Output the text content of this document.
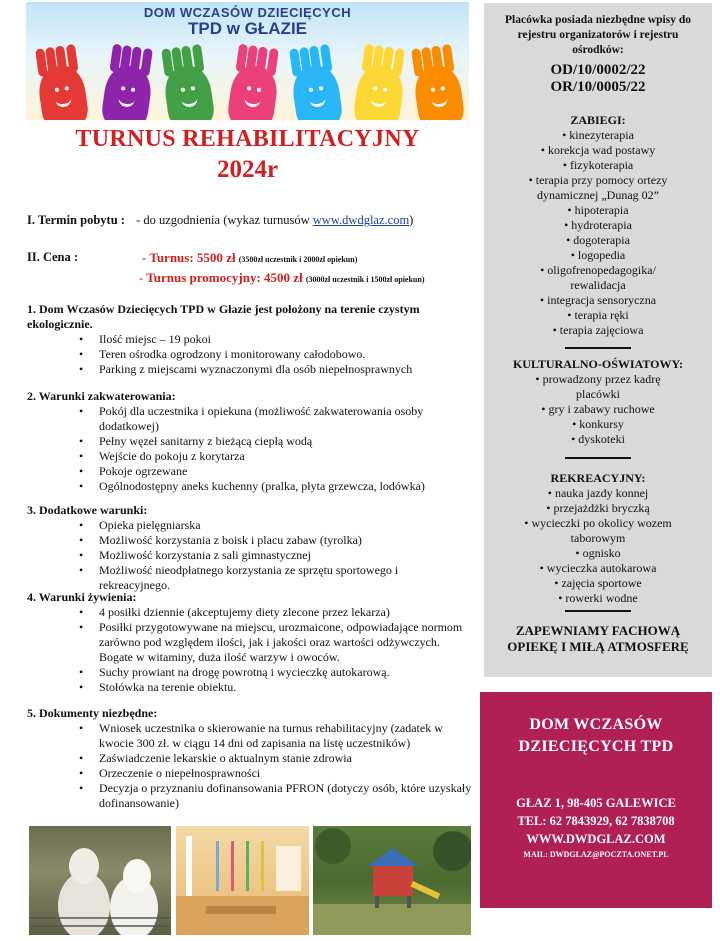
DOM WCZASÓW DZIECIĘCYCH
TPD w GŁAZIE
TURNUS REHABILITACYJNY
2024r
I. Termin pobytu : - do uzgodnienia (wykaz turnusów www.dwdglaz.com)
II. Cena :	- Turnus: 5500 zł (3500zł uczestnik i 2000zł opiekun)
- Turnus promocyjny: 4500 zł (3000zł uczestnik i 1500zł opiekun)
1. Dom Wczasów Dziecięcych TPD w Głazie jest położony na terenie czystym ekologicznie.
• Ilość miejsc – 19 pokoi
• Teren ośrodka ogrodzony i monitorowany całodobowo.
• Parking z miejscami wyznaczonymi dla osób niepełnosprawnych
2. Warunki zakwaterowania:
• Pokój dla uczestnika i opiekuna (możliwość zakwaterowania osoby dodatkowej)
• Pełny węzeł sanitarny z bieżącą ciepłą wodą
• Wejście do pokoju z korytarza
• Pokoje ogrzewane
• Ogólnodostępny aneks kuchenny (pralka, płyta grzewcza, lodówka)
3. Dodatkowe warunki:
• Opieka pielęgniarska
• Możliwość korzystania z boisk i placu zabaw (tyrolka)
• Możliwość korzystania z sali gimnastycznej
• Możliwość nieodpłatnego korzystania ze sprzętu sportowego i rekreacyjnego.
4. Warunki żywienia:
• 4 posiłki dziennie (akceptujemy diety zlecone przez lekarza)
• Posiłki przygotowywane na miejscu, urozmaicone, odpowiadające normom zarówno pod względem ilości, jak i jakości oraz wartości odżywczych. Bogate w witaminy, duża ilość warzyw i owoców.
• Suchy prowiant na drogę powrotną i wycieczkę autokarową.
• Stołówka na terenie obiektu.
5. Dokumenty niezbędne:
• Wniosek uczestnika o skierowanie na turnus rehabilitacyjny (zadatek w kwocie 300 zł. w ciągu 14 dni od zapisania na listę uczestników)
• Zaświadczenie lekarskie o aktualnym stanie zdrowia
• Orzeczenie o niepełnosprawności
• Decyzja o przyznaniu dofinansowania PFRON (dotyczy osób, które uzyskały dofinansowanie)
Placówka posiada niezbędne wpisy do rejestru organizatorów i rejestru ośrodków:
OD/10/0002/22
OR/10/0005/22
ZABIEGI:
• kinezyterapia
• korekcja wad postawy
• fizykoterapia
• terapia przy pomocy ortezy dynamicznej „Dunag 02”
• hipoterapia
• hydroterapia
• dogoterapia
• logopedia
• oligofrenopedagogika/ rewalidacja
• integracja sensoryczna
• terapia ręki
• terapia zajęciowa
KULTURALNO-OŚWIATOWY:
• prowadzony przez kadrę placówki
• gry i zabawy ruchowe
• konkursy
• dyskoteki
REKREACYJNY:
• nauka jazdy konnej
• przejażdżki bryczką
• wycieczki po okolicy wozem taborowym
• ognisko
• wycieczka autokarowa
• zajęcia sportowe
• rowerki wodne
ZAPEWNIAMY FACHOWĄ OPIEKĘ I MIŁĄ ATMOSFERĘ
DOM WCZASÓW DZIECIĘCYCH TPD
GŁAZ 1, 98-405 GALEWICE
TEL: 62 7843929, 62 7838708
WWW.DWDGLAZ.COM
MAIL: DWDGLAZ@POCZTA.ONET.PL
